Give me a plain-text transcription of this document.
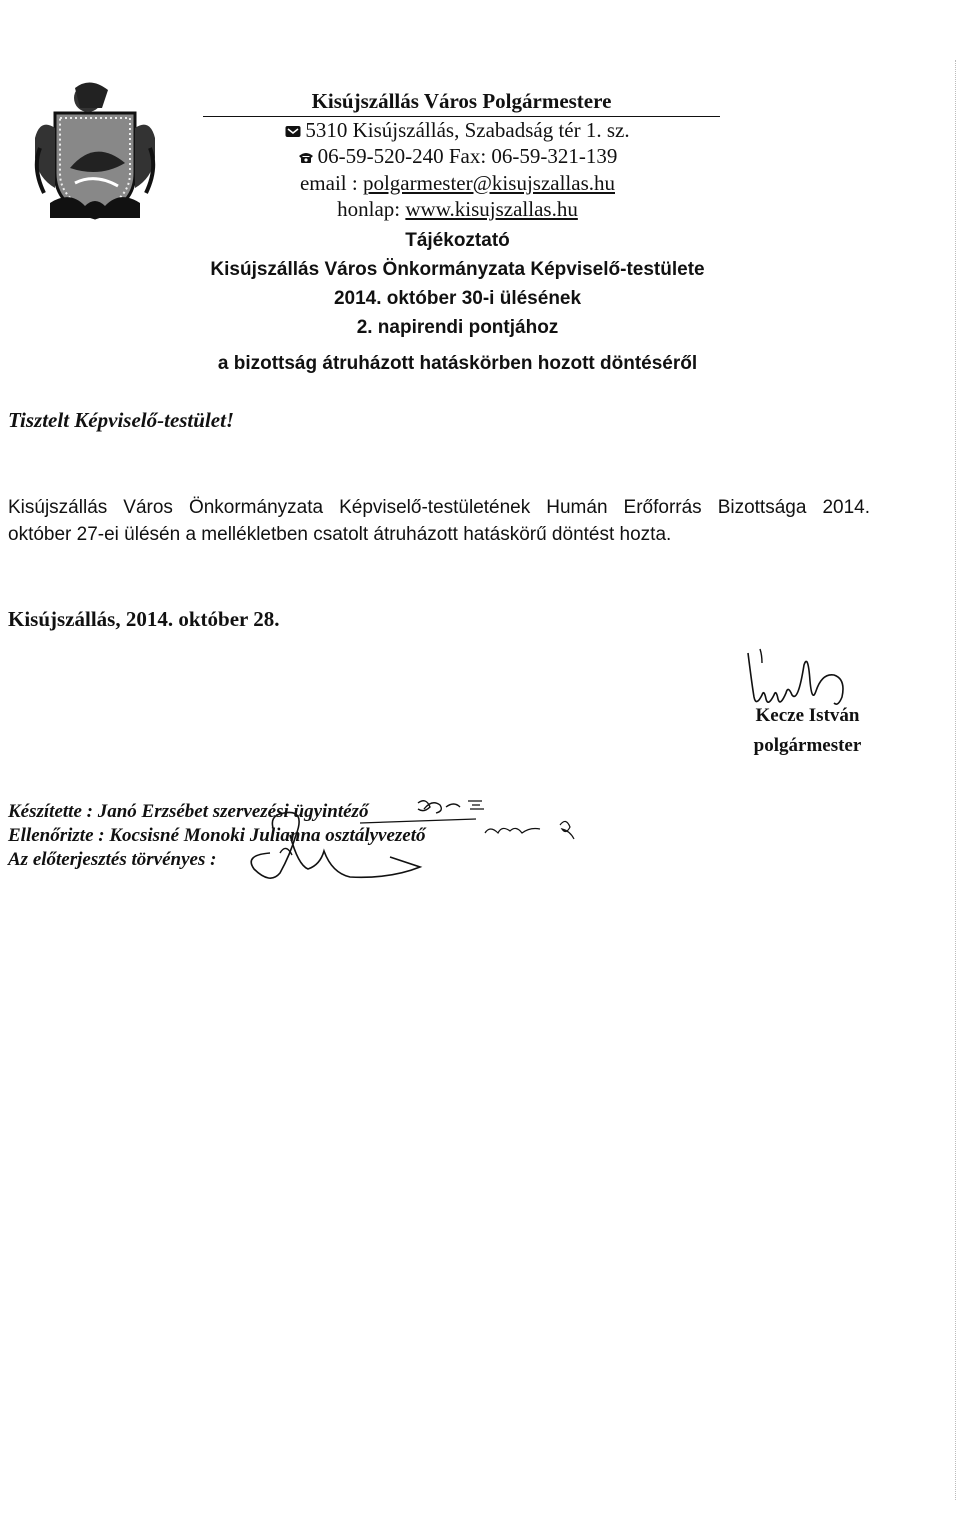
Kisújszállás Város Polgármestere
5310 Kisújszállás, Szabadság tér 1. sz.
06-59-520-240 Fax: 06-59-321-139
email : polgarmester@kisujszallas.hu
honlap: www.kisujszallas.hu
Tájékoztató
Kisújszállás Város Önkormányzata Képviselő-testülete
2014. október 30-i ülésének
2. napirendi pontjához
a bizottság átruházott hatáskörben hozott döntéséről
Tisztelt Képviselő-testület!
Kisújszállás Város Önkormányzata Képviselő-testületének Humán Erőforrás Bizottsága 2014.
október 27-ei ülésén a mellékletben csatolt átruházott hatáskörű döntést hozta.
Kisújszállás, 2014. október 28.
Kecze István
polgármester
Készítette : Janó Erzsébet szervezési ügyintéző
Ellenőrizte : Kocsisné Monoki Julianna osztályvezető
Az előterjesztés törvényes :
